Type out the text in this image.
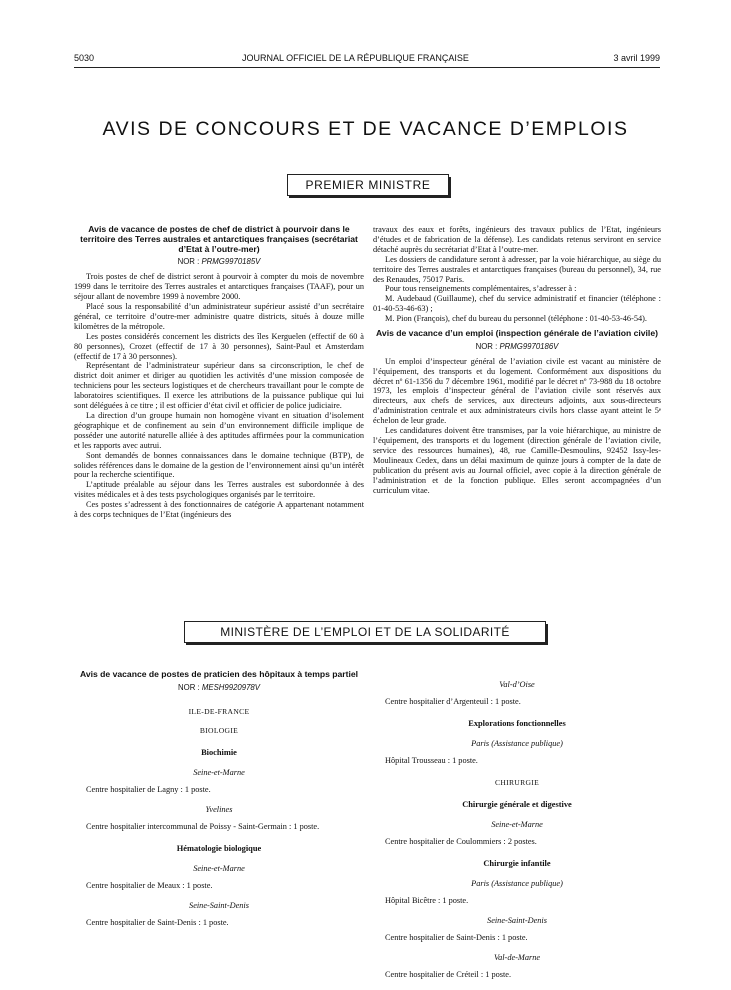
5030	JOURNAL OFFICIEL DE LA RÉPUBLIQUE FRANÇAISE	3 avril 1999
AVIS DE CONCOURS ET DE VACANCE D’EMPLOIS
PREMIER MINISTRE
Avis de vacance de postes de chef de district à pourvoir dans le territoire des Terres australes et antarctiques françaises (secrétariat d’Etat à l’outre-mer)
NOR : PRMG9970185V

Trois postes de chef de district seront à pourvoir à compter du mois de novembre 1999 dans le territoire des Terres australes et antarctiques françaises (TAAF), pour un séjour allant de novembre 1999 à novembre 2000.

Placé sous la responsabilité d’un administrateur supérieur assisté d’un secrétaire général, ce territoire d’outre-mer administre quatre districts, situés à douze mille kilomètres de la métropole.

Les postes considérés concernent les districts des îles Kerguelen (effectif de 60 à 80 personnes), Crozet (effectif de 17 à 30 personnes), Saint-Paul et Amsterdam (effectif de 17 à 30 personnes).

Représentant de l’administrateur supérieur dans sa circonscription, le chef de district doit animer et diriger au quotidien les activités d’une mission composée de techniciens pour les secteurs logistiques et de chercheurs travaillant pour le compte de laboratoires scientifiques. Il exerce les attributions de la puissance publique qui lui sont déléguées à ce titre ; il est officier d’état civil et officier de police judiciaire.

La direction d’un groupe humain non homogène vivant en situation d’isolement géographique et de confinement au sein d’un environnement difficile implique de posséder une autorité naturelle alliée à des aptitudes affirmées pour la communication et les rapports avec autrui.

Sont demandés de bonnes connaissances dans le domaine technique (BTP), de solides références dans le domaine de la gestion de l’environnement ainsi qu’un intérêt pour la recherche scientifique.

L’aptitude préalable au séjour dans les Terres australes est subordonnée à des visites médicales et à des tests psychologiques organisés par le territoire.

Ces postes s’adressent à des fonctionnaires de catégorie A appartenant notamment à des corps techniques de l’Etat (ingénieurs des

travaux des eaux et forêts, ingénieurs des travaux publics de l’Etat, ingénieurs d’études et de fabrication de la défense). Les candidats retenus serviront en service détaché auprès du secrétariat d’Etat à l’outre-mer.

Les dossiers de candidature seront à adresser, par la voie hiérarchique, au siège du territoire des Terres australes et antarctiques françaises (bureau du personnel), 34, rue des Renaudes, 75017 Paris.

Pour tous renseignements complémentaires, s’adresser à :

M. Audebaud (Guillaume), chef du service administratif et financier (téléphone : 01-40-53-46-63) ;

M. Pion (François), chef du bureau du personnel (téléphone : 01-40-53-46-54).

Avis de vacance d’un emploi (inspection générale de l’aviation civile)
NOR : PRMG9970186V

Un emploi d’inspecteur général de l’aviation civile est vacant au ministère de l’équipement, des transports et du logement. Conformément aux dispositions du décret nº 61-1356 du 7 décembre 1961, modifié par le décret nº 73-988 du 18 octobre 1973, les emplois d’inspecteur général de l’aviation civile sont réservés aux directeurs, aux chefs de services, aux directeurs adjoints, aux sous-directeurs d’administration centrale et aux administrateurs civils hors classe ayant atteint le 5ᵉ échelon de leur grade.

Les candidatures doivent être transmises, par la voie hiérarchique, au ministre de l’équipement, des transports et du logement (direction générale de l’aviation civile, service des ressources humaines), 48, rue Camille-Desmoulins, 92452 Issy-les-Moulineaux Cedex, dans un délai maximum de quinze jours à compter de la date de publication du présent avis au Journal officiel, avec copie à la direction générale de l’administration et de la fonction publique. Elles seront accompagnées d’un curriculum vitae.

MINISTÈRE DE L’EMPLOI ET DE LA SOLIDARITÉ
Avis de vacance de postes de praticien des hôpitaux à temps partiel
NOR : MESH9920978V
ILE-DE-FRANCE
BIOLOGIE
Biochimie
Seine-et-Marne

Centre hospitalier de Lagny : 1 poste.

Yvelines

Centre hospitalier intercommunal de Poissy - Saint-Germain : 1 poste.

Hématologie biologique
Seine-et-Marne

Centre hospitalier de Meaux : 1 poste.

Seine-Saint-Denis

Centre hospitalier de Saint-Denis : 1 poste.

Val-d’Oise

Centre hospitalier d’Argenteuil : 1 poste.

Explorations fonctionnelles
Paris (Assistance publique)

Hôpital Trousseau : 1 poste.

CHIRURGIE
Chirurgie générale et digestive
Seine-et-Marne

Centre hospitalier de Coulommiers : 2 postes.

Chirurgie infantile
Paris (Assistance publique)

Hôpital Bicêtre : 1 poste.

Seine-Saint-Denis

Centre hospitalier de Saint-Denis : 1 poste.

Val-de-Marne

Centre hospitalier de Créteil : 1 poste.
